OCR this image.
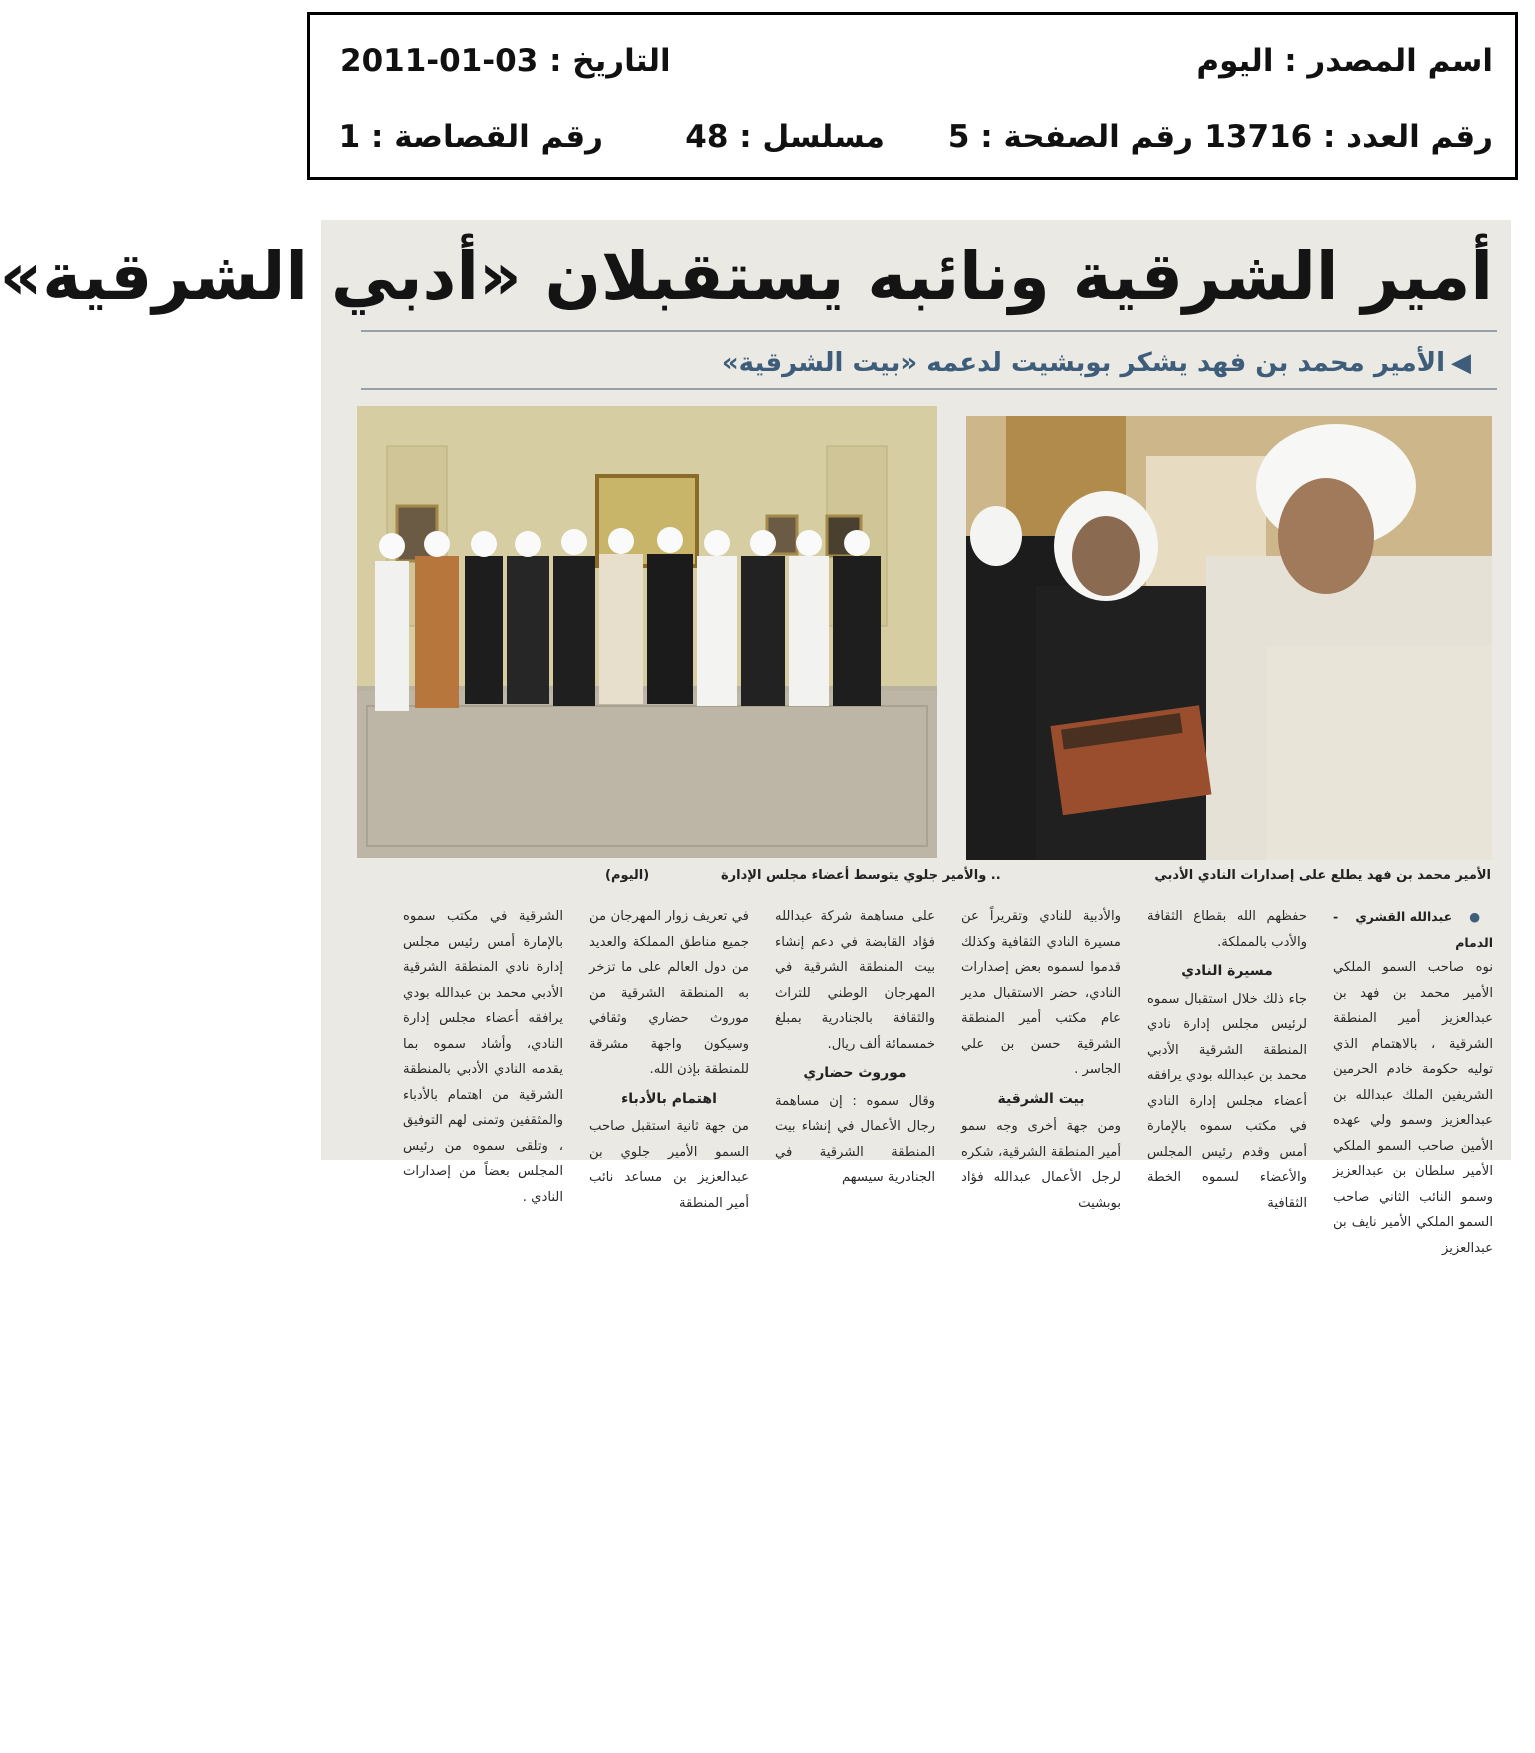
اسم المصدر : اليوم
التاريخ : 03-01-2011
رقم العدد : 13716
رقم الصفحة : 5
مسلسل : 48
رقم القصاصة : 1
أمير الشرقية ونائبه يستقبلان «أدبي الشرقية»
◀الأمير محمد بن فهد يشكر بوبشيت لدعمه «بيت الشرقية»
الأمير محمد بن فهد يطلع على إصدارات النادي الأدبي
.. والأمير جلوي يتوسط أعضاء مجلس الإدارة
(اليوم)
● عبدالله القشري - الدمام

نوه صاحب السمو الملكي الأمير محمد بن فهد بن عبدالعزيز أمير المنطقة الشرقية ، بالاهتمام الذي توليه حكومة خادم الحرمين الشريفين الملك عبدالله بن عبدالعزيز وسمو ولي عهده الأمين صاحب السمو الملكي الأمير سلطان بن عبدالعزيز وسمو النائب الثاني صاحب السمو الملكي الأمير نايف بن عبدالعزيز

حفظهم الله بقطاع الثقافة والأدب بالمملكة.

مسيرة النادي

جاء ذلك خلال استقبال سموه لرئيس مجلس إدارة نادي المنطقة الشرقية الأدبي محمد بن عبدالله بودي يرافقه أعضاء مجلس إدارة النادي في مكتب سموه بالإمارة أمس وقدم رئيس المجلس والأعضاء لسموه الخطة الثقافية

والأدبية للنادي وتقريراً عن مسيرة النادي الثقافية وكذلك قدموا لسموه بعض إصدارات النادي، حضر الاستقبال مدير عام مكتب أمير المنطقة الشرقية حسن بن علي الجاسر .

بيت الشرقية

ومن جهة أخرى وجه سمو أمير المنطقة الشرقية، شكره لرجل الأعمال عبدالله فؤاد بوبشيت

على مساهمة شركة عبدالله فؤاد القابضة في دعم إنشاء بيت المنطقة الشرقية في المهرجان الوطني للتراث والثقافة بالجنادرية بمبلغ خمسمائة ألف ريال.

موروث حضاري

وقال سموه : إن مساهمة رجال الأعمال في إنشاء بيت المنطقة الشرقية في الجنادرية سيسهم

في تعريف زوار المهرجان من جميع مناطق المملكة والعديد من دول العالم على ما تزخر به المنطقة الشرقية من موروث حضاري وثقافي وسيكون واجهة مشرقة للمنطقة بإذن الله.

اهتمام بالأدباء

من جهة ثانية استقبل صاحب السمو الأمير جلوي بن عبدالعزيز بن مساعد نائب أمير المنطقة

الشرقية في مكتب سموه بالإمارة أمس رئيس مجلس إدارة نادي المنطقة الشرقية الأدبي محمد بن عبدالله بودي يرافقه أعضاء مجلس إدارة النادي، وأشاد سموه بما يقدمه النادي الأدبي بالمنطقة الشرقية من اهتمام بالأدباء والمثقفين وتمنى لهم التوفيق ، وتلقى سموه من رئيس المجلس بعضاً من إصدارات النادي .
